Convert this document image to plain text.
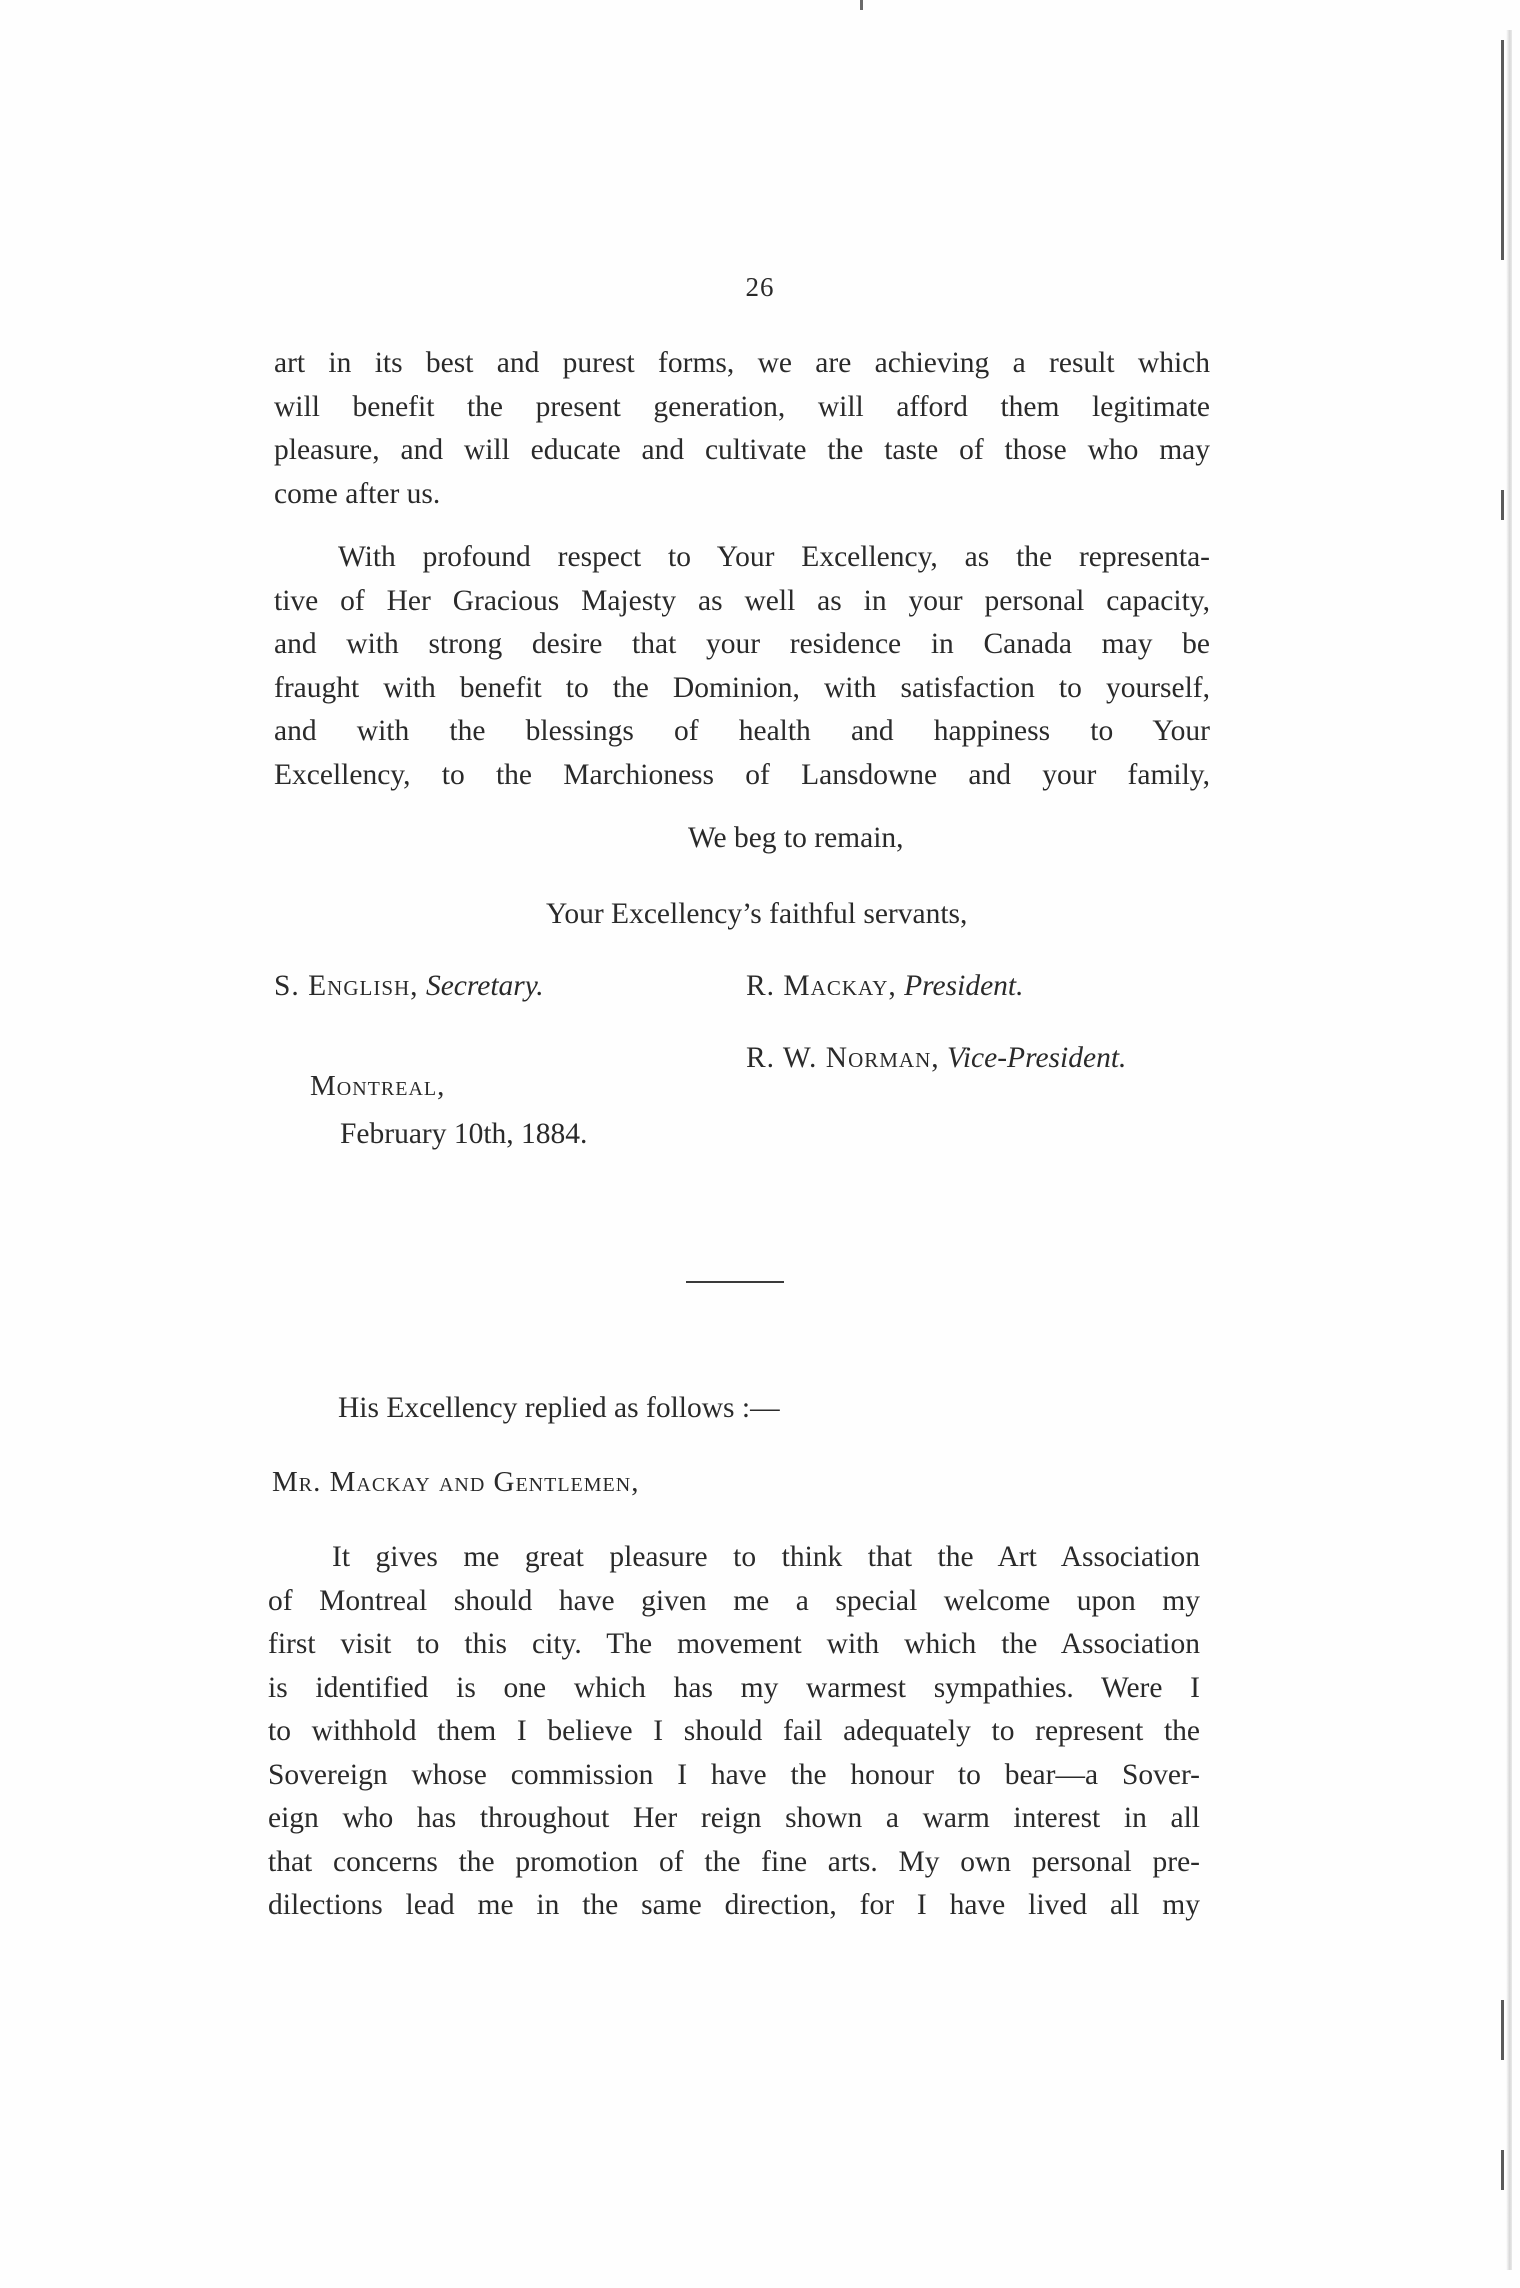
26
art in its best and purest forms, we are achieving a result which
will benefit the present generation, will afford them legitimate
pleasure, and will educate and cultivate the taste of those who may
come after us.
With profound respect to Your Excellency, as the representa-
tive of Her Gracious Majesty as well as in your personal capacity,
and with strong desire that your residence in Canada may be
fraught with benefit to the Dominion, with satisfaction to yourself,
and with the blessings of health and happiness to Your
Excellency, to the Marchioness of Lansdowne and your family,
We beg to remain,
Your Excellency’s faithful servants,
S. English, Secretary.	R. Mackay, President.
R. W. Norman, Vice-President.
Montreal,
February 10th, 1884.
His Excellency replied as follows :—
Mr. Mackay and Gentlemen,
It gives me great pleasure to think that the Art Association
of Montreal should have given me a special welcome upon my
first visit to this city. The movement with which the Association
is identified is one which has my warmest sympathies. Were I
to withhold them I believe I should fail adequately to represent the
Sovereign whose commission I have the honour to bear—a Sover-
eign who has throughout Her reign shown a warm interest in all
that concerns the promotion of the fine arts. My own personal pre-
dilections lead me in the same direction, for I have lived all my
